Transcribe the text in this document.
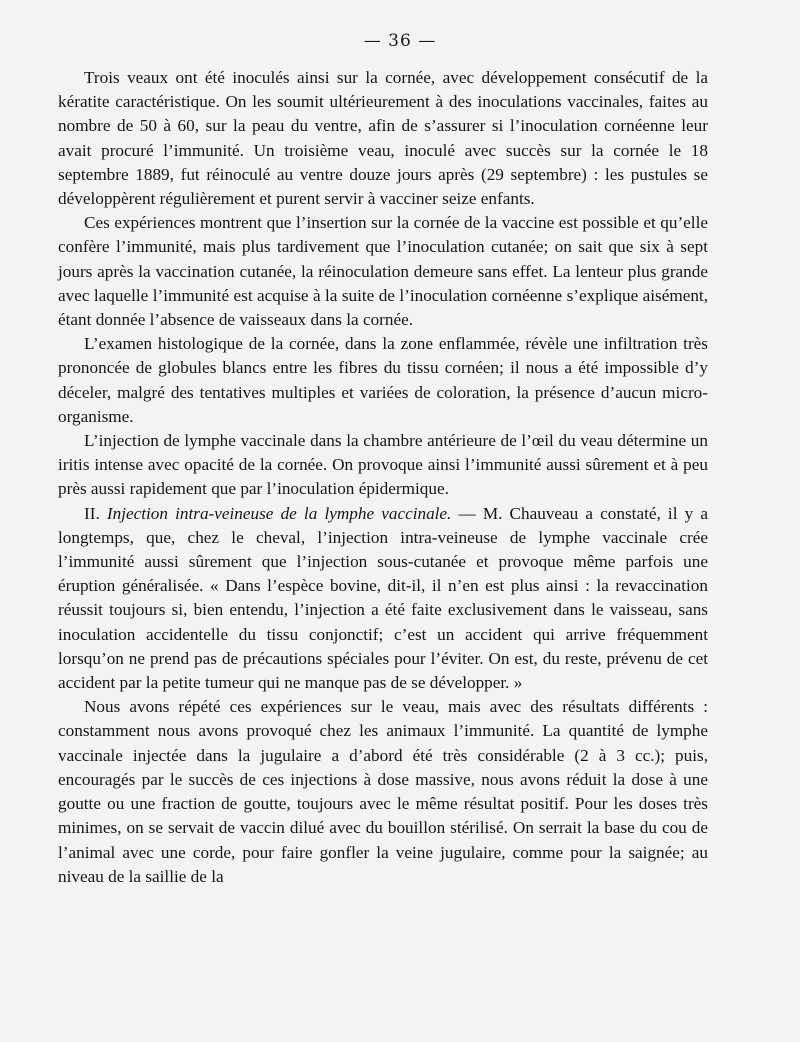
— 36 —

Trois veaux ont été inoculés ainsi sur la cornée, avec développement consécutif de la kératite caractéristique. On les soumit ultérieurement à des inoculations vaccinales, faites au nombre de 50 à 60, sur la peau du ventre, afin de s’assurer si l’inoculation cornéenne leur avait procuré l’immunité. Un troisième veau, inoculé avec succès sur la cornée le 18 septembre 1889, fut réinoculé au ventre douze jours après (29 septembre) : les pustules se développèrent régulièrement et purent servir à vacciner seize enfants.

Ces expériences montrent que l’insertion sur la cornée de la vaccine est possible et qu’elle confère l’immunité, mais plus tardivement que l’inoculation cutanée; on sait que six à sept jours après la vaccination cutanée, la réinoculation demeure sans effet. La lenteur plus grande avec laquelle l’immunité est acquise à la suite de l’inoculation cornéenne s’explique aisément, étant donnée l’absence de vaisseaux dans la cornée.

L’examen histologique de la cornée, dans la zone enflammée, révèle une infiltration très prononcée de globules blancs entre les fibres du tissu cornéen; il nous a été impossible d’y déceler, malgré des tentatives multiples et variées de coloration, la présence d’aucun micro-organisme.

L’injection de lymphe vaccinale dans la chambre antérieure de l’œil du veau détermine un iritis intense avec opacité de la cornée. On provoque ainsi l’immunité aussi sûrement et à peu près aussi rapidement que par l’inoculation épidermique.

II. Injection intra-veineuse de la lymphe vaccinale. — M. Chauveau a constaté, il y a longtemps, que, chez le cheval, l’injection intra-veineuse de lymphe vaccinale crée l’immunité aussi sûrement que l’injection sous-cutanée et provoque même parfois une éruption généralisée. « Dans l’espèce bovine, dit-il, il n’en est plus ainsi : la revaccination réussit toujours si, bien entendu, l’injection a été faite exclusivement dans le vaisseau, sans inoculation accidentelle du tissu conjonctif; c’est un accident qui arrive fréquemment lorsqu’on ne prend pas de précautions spéciales pour l’éviter. On est, du reste, prévenu de cet accident par la petite tumeur qui ne manque pas de se développer. »

Nous avons répété ces expériences sur le veau, mais avec des résultats différents : constamment nous avons provoqué chez les animaux l’immunité. La quantité de lymphe vaccinale injectée dans la jugulaire a d’abord été très considérable (2 à 3 cc.); puis, encouragés par le succès de ces injections à dose massive, nous avons réduit la dose à une goutte ou une fraction de goutte, toujours avec le même résultat positif. Pour les doses très minimes, on se servait de vaccin dilué avec du bouillon stérilisé. On serrait la base du cou de l’animal avec une corde, pour faire gonfler la veine jugulaire, comme pour la saignée; au niveau de la saillie de la
